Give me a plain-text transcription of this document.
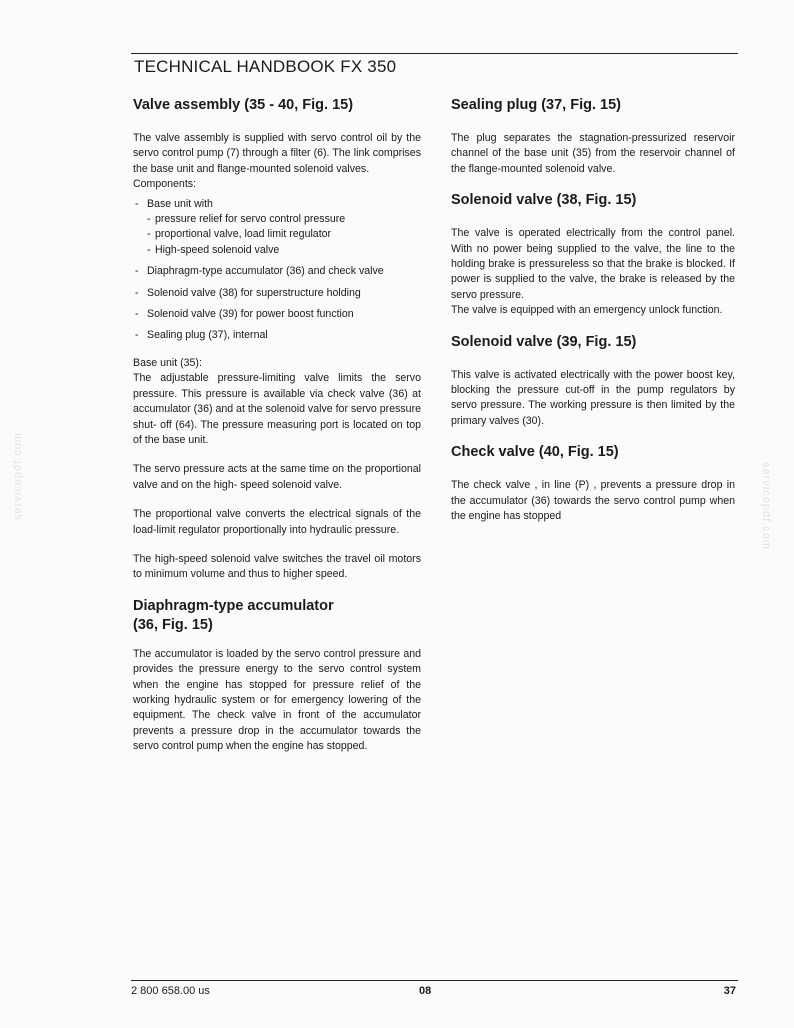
TECHNICAL HANDBOOK FX 350
Valve assembly (35 - 40, Fig. 15)

The valve assembly is supplied with servo control oil by the servo control pump (7) through a filter (6). The link comprises the base unit and flange-mounted solenoid valves.

Components:

- Base unit with
- pressure relief for servo control pressure
- proportional valve, load limit regulator
- High-speed solenoid valve
- Diaphragm-type accumulator (36) and check valve
- Solenoid valve (38) for superstructure holding
- Solenoid valve (39) for power boost function
- Sealing plug (37), internal

Base unit (35):

The adjustable pressure-limiting valve limits the servo pressure. This pressure is available via check valve (36) at accumulator (36) and at the solenoid valve for servo pressure shut- off (64). The pressure measuring port is located on top of the base unit.

The servo pressure acts at the same time on the proportional valve and on the high- speed solenoid valve.

The proportional valve converts the electrical signals of the load-limit regulator proportionally into hydraulic pressure.

The high-speed solenoid valve switches the travel oil motors to minimum volume and thus to higher speed.

Diaphragm-type accumulator
(36, Fig. 15)

The accumulator is loaded by the servo control pressure and provides the pressure energy to the servo control system when the engine has stopped for pressure relief of the working hydraulic system or for emergency lowering of the equipment. The check valve in front of the accumulator prevents a pressure drop in the accumulator towards the servo control pump when the engine has stopped.

Sealing plug (37, Fig. 15)

The plug separates the stagnation-pressurized reservoir channel of the base unit (35) from the reservoir channel of the flange-mounted solenoid valve.

Solenoid valve (38, Fig. 15)

The valve is operated electrically from the control panel. With no power being supplied to the valve, the line to the holding brake is pressureless so that the brake is blocked. If power is supplied to the valve, the brake is released by the servo pressure.

The valve is equipped with an emergency unlock function.

Solenoid valve (39, Fig. 15)

This valve is activated electrically with the power boost key, blocking the pressure cut-off in the pump regulators by servo pressure. The working pressure is then limited by the primary valves (30).

Check valve (40, Fig. 15)

The check valve , in line (P) , prevents a pressure drop in the accumulator (36) towards the servo control pump when the engine has stopped

servicepdf.com	servicepdf.com
2 800 658.00 us	08	37
